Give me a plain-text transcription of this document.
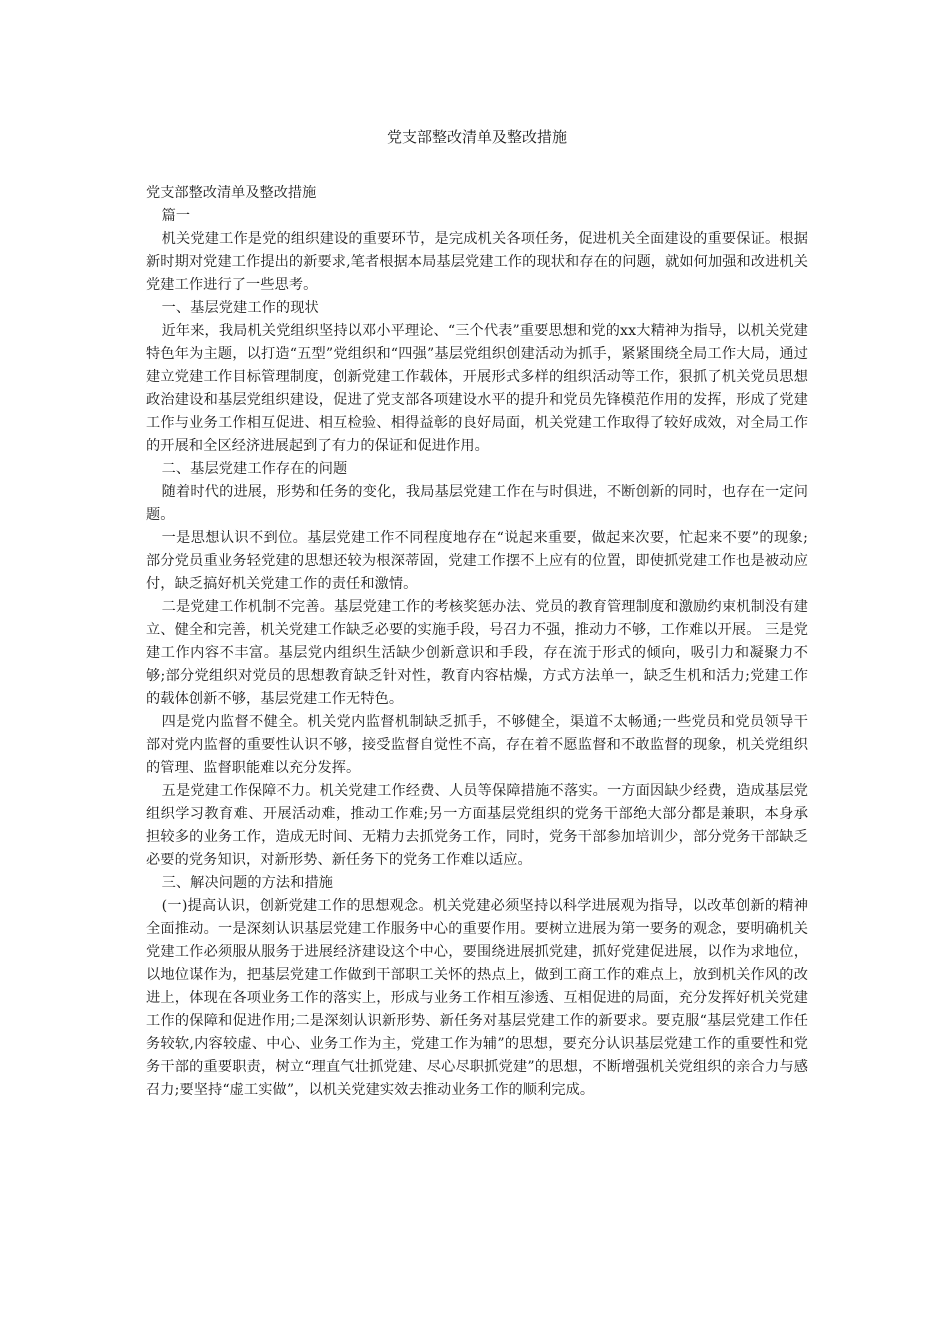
党支部整改清单及整改措施

党支部整改清单及整改措施

篇一

机关党建工作是党的组织建设的重要环节，是完成机关各项任务，促进机关全面建设的重要保证。根据新时期对党建工作提出的新要求,笔者根据本局基层党建工作的现状和存在的问题，就如何加强和改进机关党建工作进行了一些思考。

一、基层党建工作的现状

近年来，我局机关党组织坚持以邓小平理论、“三个代表”重要思想和党的xx大精神为指导，以机关党建特色年为主题，以打造“五型”党组织和“四强”基层党组织创建活动为抓手，紧紧围绕全局工作大局，通过建立党建工作目标管理制度，创新党建工作载体，开展形式多样的组织活动等工作，狠抓了机关党员思想政治建设和基层党组织建设，促进了党支部各项建设水平的提升和党员先锋模范作用的发挥，形成了党建工作与业务工作相互促进、相互检验、相得益彰的良好局面，机关党建工作取得了较好成效，对全局工作的开展和全区经济进展起到了有力的保证和促进作用。

二、基层党建工作存在的问题

随着时代的进展，形势和任务的变化，我局基层党建工作在与时俱进，不断创新的同时，也存在一定问题。

一是思想认识不到位。基层党建工作不同程度地存在“说起来重要，做起来次要，忙起来不要”的现象;部分党员重业务轻党建的思想还较为根深蒂固，党建工作摆不上应有的位置，即使抓党建工作也是被动应付，缺乏搞好机关党建工作的责任和激情。

二是党建工作机制不完善。基层党建工作的考核奖惩办法、党员的教育管理制度和激励约束机制没有建立、健全和完善，机关党建工作缺乏必要的实施手段，号召力不强，推动力不够，工作难以开展。 三是党建工作内容不丰富。基层党内组织生活缺少创新意识和手段，存在流于形式的倾向，吸引力和凝聚力不够;部分党组织对党员的思想教育缺乏针对性，教育内容枯燥，方式方法单一，缺乏生机和活力;党建工作的载体创新不够，基层党建工作无特色。

四是党内监督不健全。机关党内监督机制缺乏抓手，不够健全，渠道不太畅通;一些党员和党员领导干部对党内监督的重要性认识不够，接受监督自觉性不高，存在着不愿监督和不敢监督的现象，机关党组织的管理、监督职能难以充分发挥。

五是党建工作保障不力。机关党建工作经费、人员等保障措施不落实。一方面因缺少经费，造成基层党组织学习教育难、开展活动难，推动工作难;另一方面基层党组织的党务干部绝大部分都是兼职，本身承担较多的业务工作，造成无时间、无精力去抓党务工作，同时，党务干部参加培训少，部分党务干部缺乏必要的党务知识，对新形势、新任务下的党务工作难以适应。

三、解决问题的方法和措施

(一)提高认识，创新党建工作的思想观念。机关党建必须坚持以科学进展观为指导，以改革创新的精神全面推动。一是深刻认识基层党建工作服务中心的重要作用。要树立进展为第一要务的观念，要明确机关党建工作必须服从服务于进展经济建设这个中心，要围绕进展抓党建，抓好党建促进展，以作为求地位，以地位谋作为，把基层党建工作做到干部职工关怀的热点上，做到工商工作的难点上，放到机关作风的改进上，体现在各项业务工作的落实上，形成与业务工作相互渗透、互相促进的局面，充分发挥好机关党建工作的保障和促进作用;二是深刻认识新形势、新任务对基层党建工作的新要求。要克服“基层党建工作任务较软,内容较虚、中心、业务工作为主，党建工作为辅”的思想，要充分认识基层党建工作的重要性和党务干部的重要职责，树立“理直气壮抓党建、尽心尽职抓党建”的思想，不断增强机关党组织的亲合力与感召力;要坚持“虚工实做”，以机关党建实效去推动业务工作的顺利完成。
